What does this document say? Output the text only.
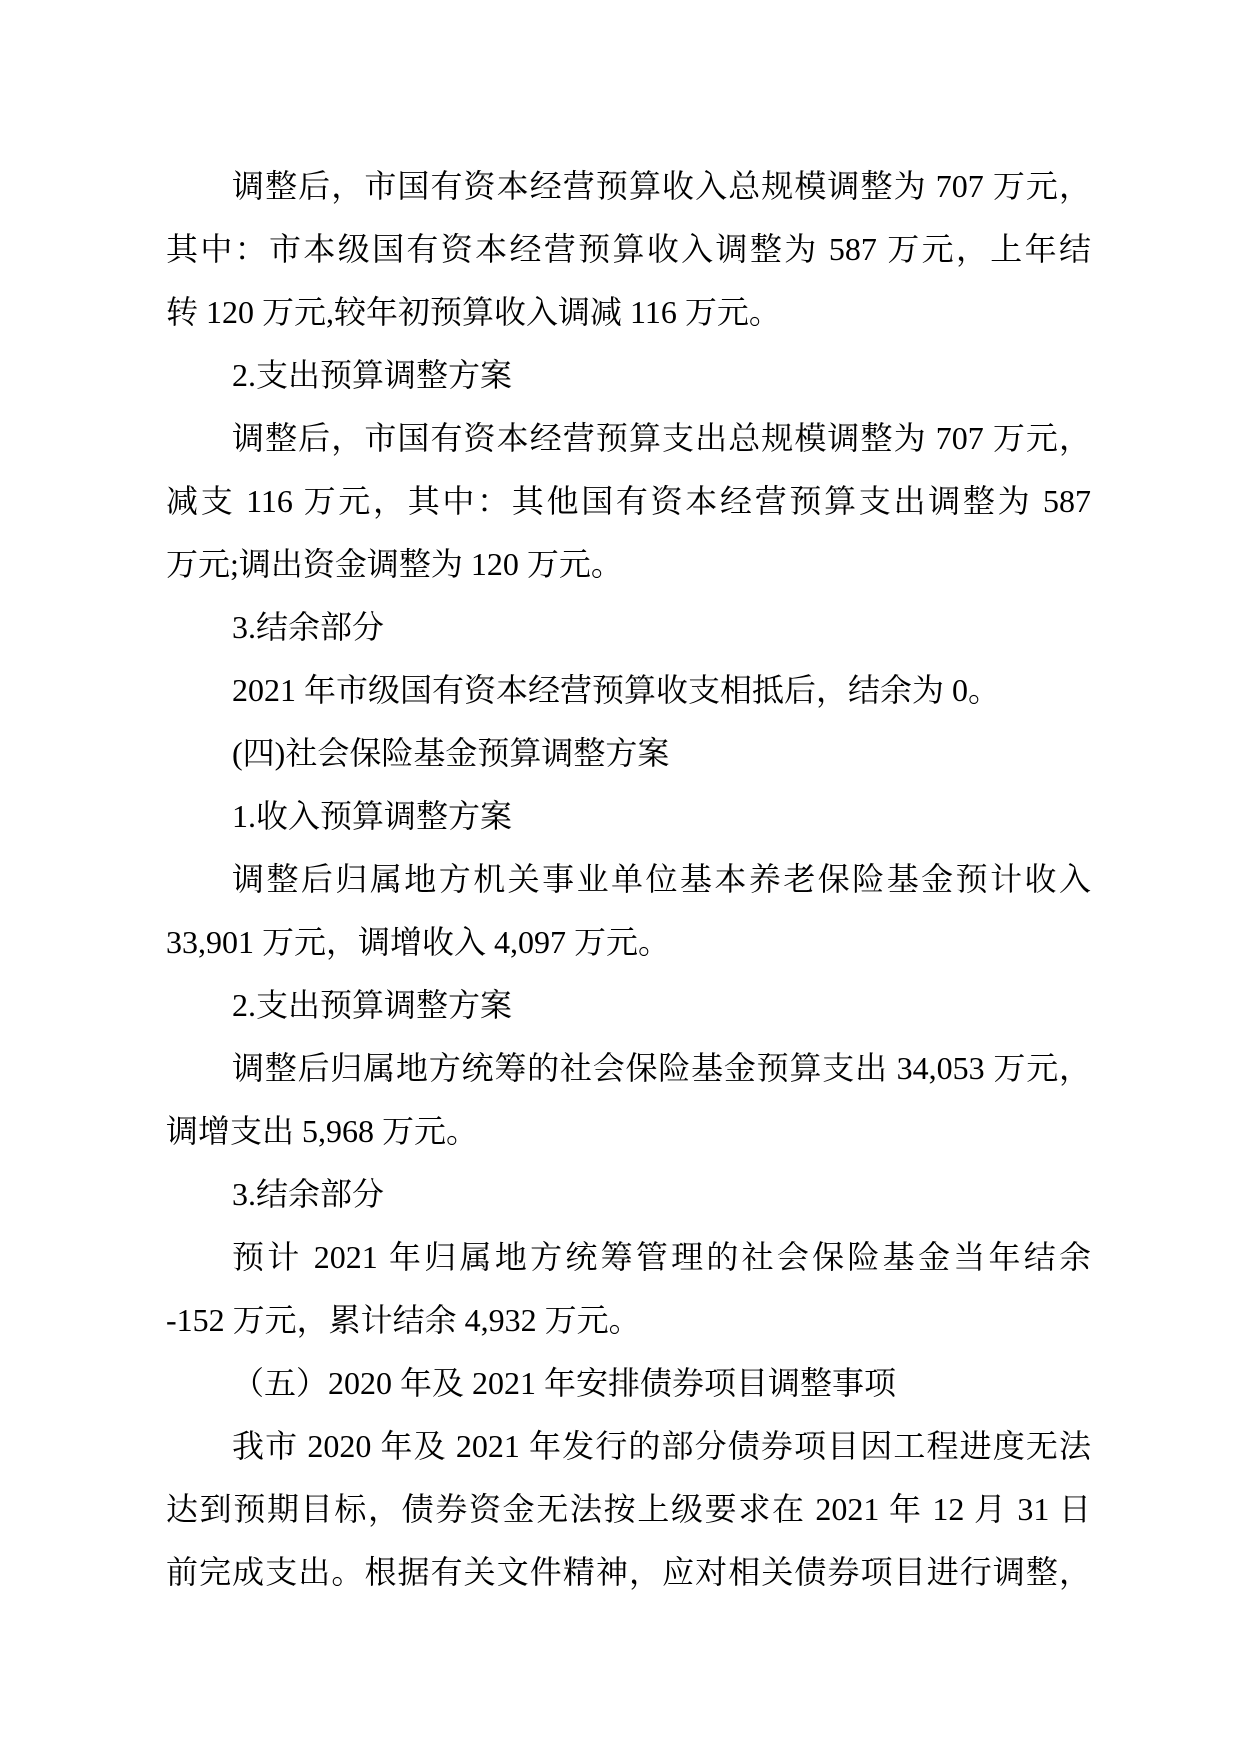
调整后，市国有资本经营预算收入总规模调整为 707 万元，
其中：市本级国有资本经营预算收入调整为 587 万元，上年结
转 120 万元,较年初预算收入调减 116 万元。
2.支出预算调整方案
调整后，市国有资本经营预算支出总规模调整为 707 万元，
减支 116 万元，其中：其他国有资本经营预算支出调整为 587
万元;调出资金调整为 120 万元。
3.结余部分
2021 年市级国有资本经营预算收支相抵后，结余为 0。
(四)社会保险基金预算调整方案
1.收入预算调整方案
调整后归属地方机关事业单位基本养老保险基金预计收入
33,901 万元，调增收入 4,097 万元。
2.支出预算调整方案
调整后归属地方统筹的社会保险基金预算支出 34,053 万元，
调增支出 5,968 万元。
3.结余部分
预计 2021 年归属地方统筹管理的社会保险基金当年结余
-152 万元，累计结余 4,932 万元。
（五）2020 年及 2021 年安排债券项目调整事项
我市 2020 年及 2021 年发行的部分债券项目因工程进度无法
达到预期目标，债券资金无法按上级要求在 2021 年 12 月 31 日
前完成支出。根据有关文件精神，应对相关债券项目进行调整，
